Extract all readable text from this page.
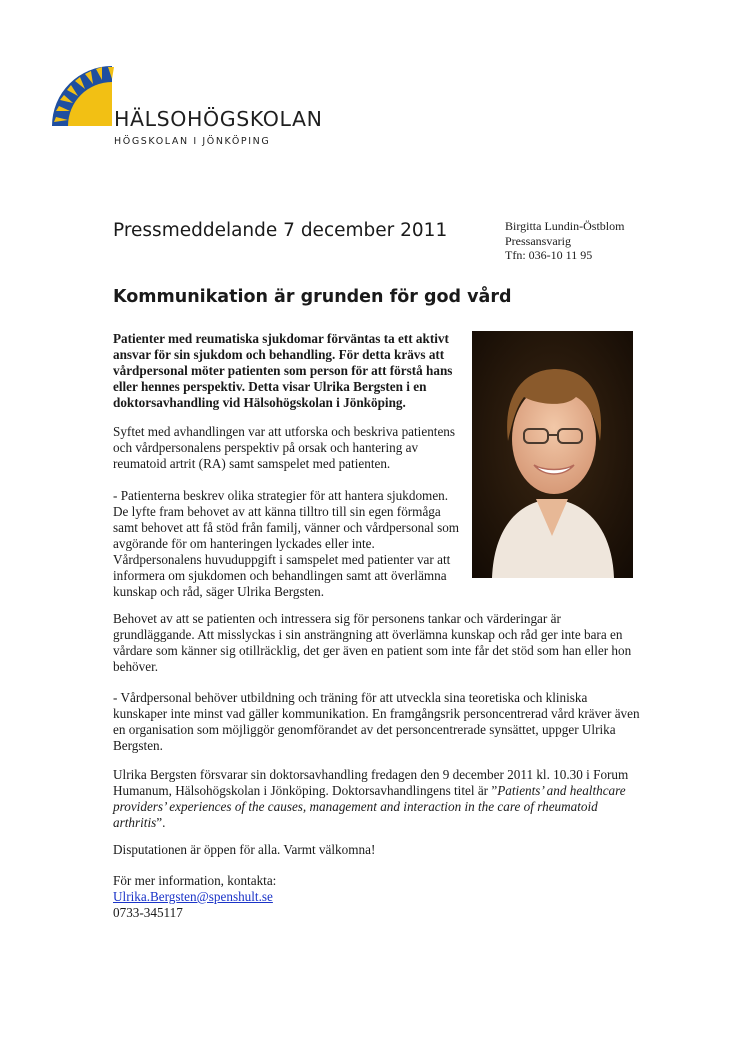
HÄLSOHÖGSKOLAN
HÖGSKOLAN I JÖNKÖPING
Pressmeddelande 7 december 2011	Birgitta Lundin-Östblom
Pressansvarig
Tfn: 036-10 11 95
Kommunikation är grunden för god vård

Patienter med reumatiska sjukdomar förväntas ta ett aktivt ansvar för sin sjukdom och behandling. För detta krävs att vårdpersonal möter patienten som person för att förstå hans eller hennes perspektiv. Detta visar Ulrika Bergsten i en doktorsavhandling vid Hälsohögskolan i Jönköping.

Syftet med avhandlingen var att utforska och beskriva patientens och vårdpersonalens perspektiv på orsak och hantering av reumatoid artrit (RA) samt samspelet med patienten.

- Patienterna beskrev olika strategier för att hantera sjukdomen. De lyfte fram behovet av att känna tilltro till sin egen förmåga samt behovet att få stöd från familj, vänner och vårdpersonal som avgörande för om hanteringen lyckades eller inte. Vårdpersonalens huvuduppgift i samspelet med patienter var att informera om sjukdomen och behandlingen samt att överlämna kunskap och råd, säger Ulrika Bergsten.

Behovet av att se patienten och intressera sig för personens tankar och värderingar är grundläggande. Att misslyckas i sin ansträngning att överlämna kunskap och råd ger inte bara en vårdare som känner sig otillräcklig, det ger även en patient som inte får det stöd som han eller hon behöver.

- Vårdpersonal behöver utbildning och träning för att utveckla sina teoretiska och kliniska kunskaper inte minst vad gäller kommunikation. En framgångsrik personcentrerad vård kräver även en organisation som möjliggör genomförandet av det personcentrerade synsättet, uppger Ulrika Bergsten.

Ulrika Bergsten försvarar sin doktorsavhandling fredagen den 9 december 2011 kl. 10.30 i Forum Humanum, Hälsohögskolan i Jönköping. Doktorsavhandlingens titel är ”Patients’ and healthcare providers’ experiences of the causes, management and interaction in the care of rheumatoid arthritis”.

Disputationen är öppen för alla. Varmt välkomna!

För mer information, kontakta:
Ulrika.Bergsten@spenshult.se
0733-345117
